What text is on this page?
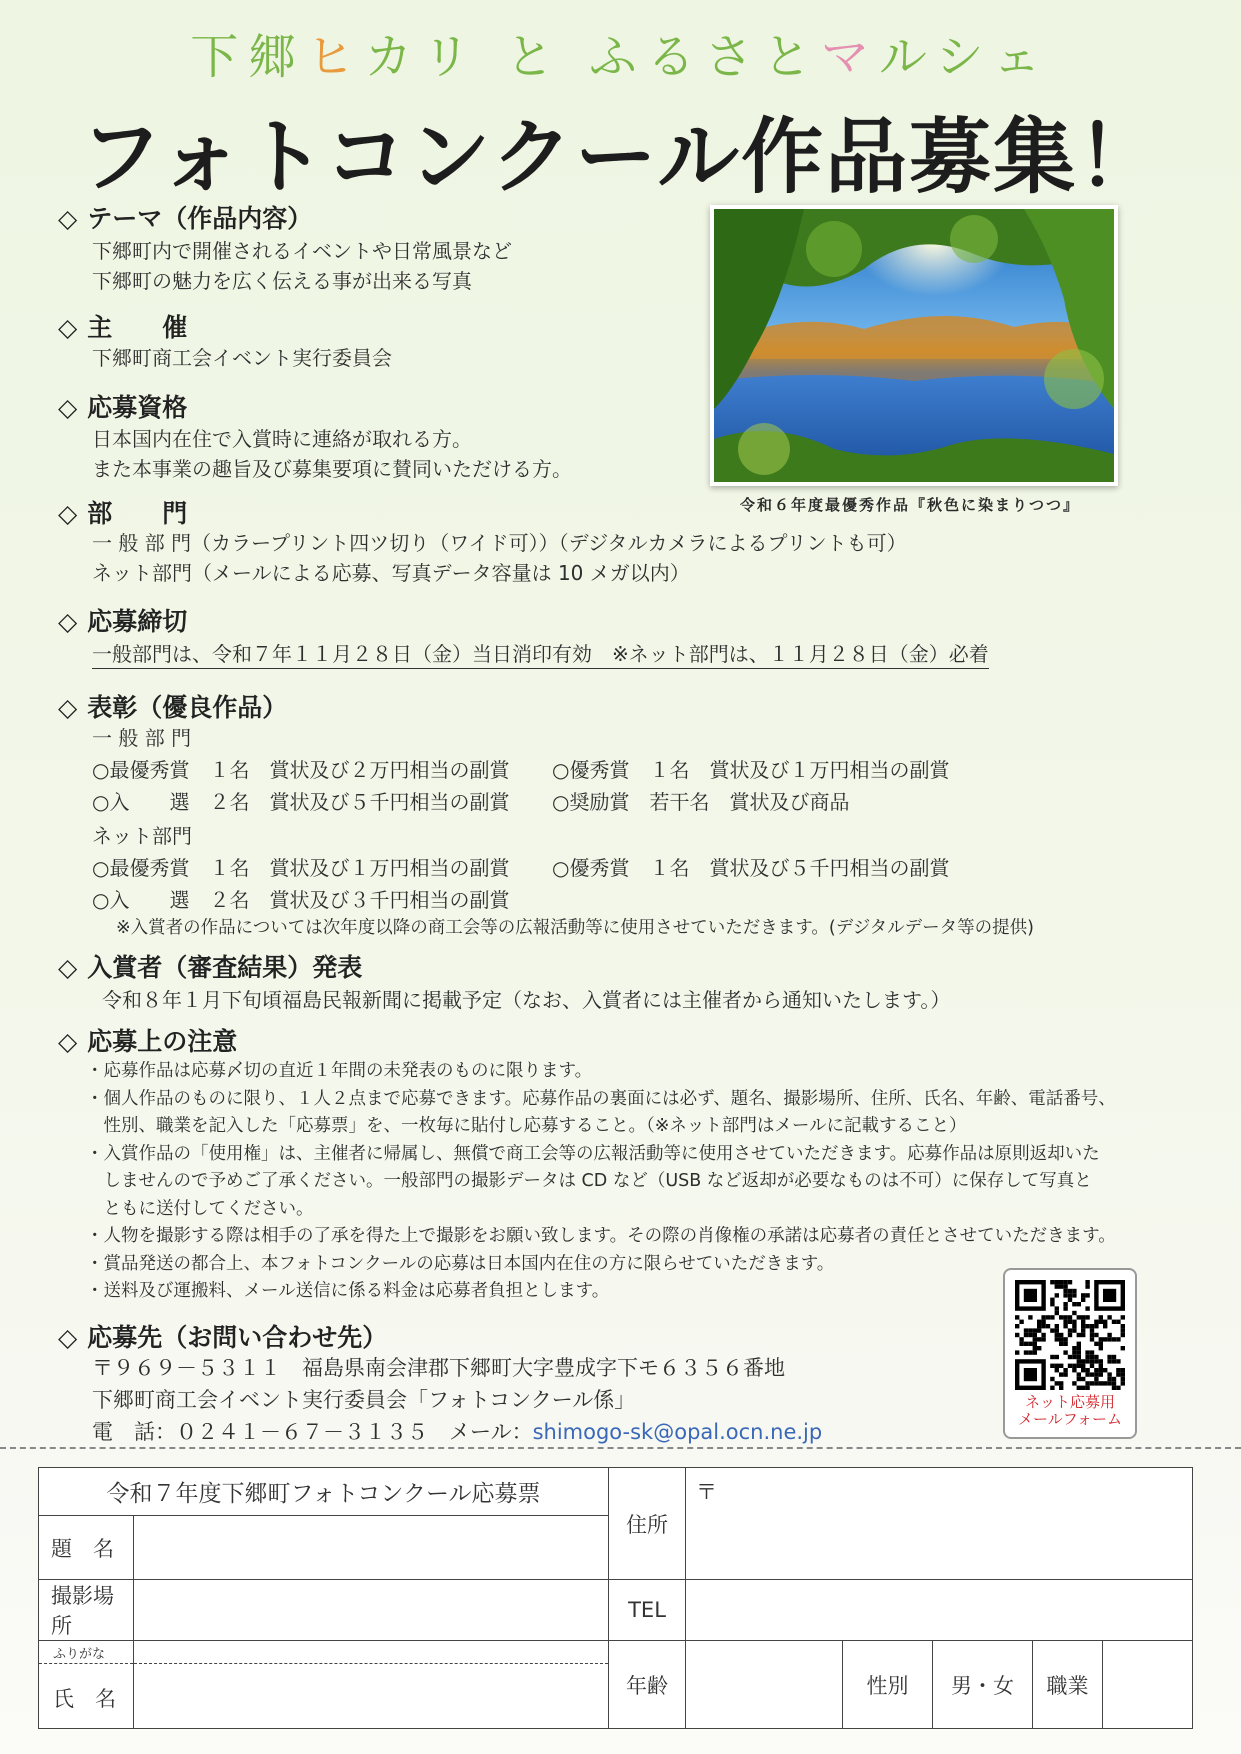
下郷ヒカリ と ふるさとマルシェ
フォトコンクール作品募集！
◇ テーマ（作品内容）
下郷町内で開催されるイベントや日常風景など
下郷町の魅力を広く伝える事が出来る写真
◇ 主　　催
下郷町商工会イベント実行委員会
◇ 応募資格
日本国内在住で入賞時に連絡が取れる方。
また本事業の趣旨及び募集要項に賛同いただける方。
令和６年度最優秀作品『秋色に染まりつつ』
◇ 部　　門
一 般 部 門（カラープリント四ツ切り（ワイド可））（デジタルカメラによるプリントも可）
ネット部門（メールによる応募、写真データ容量は 10 メガ以内）
◇ 応募締切
一般部門は、令和７年１１月２８日（金）当日消印有効　※ネット部門は、１１月２８日（金）必着
◇ 表彰（優良作品）
一 般 部 門
○最優秀賞　１名　賞状及び２万円相当の副賞 ○優秀賞　１名　賞状及び１万円相当の副賞
○入　　選　２名　賞状及び５千円相当の副賞 ○奨励賞　若干名　賞状及び商品
ネット部門
○最優秀賞　１名　賞状及び１万円相当の副賞 ○優秀賞　１名　賞状及び５千円相当の副賞
○入　　選　２名　賞状及び３千円相当の副賞
※入賞者の作品については次年度以降の商工会等の広報活動等に使用させていただきます。(デジタルデータ等の提供)
◇ 入賞者（審査結果）発表
令和８年１月下旬頃福島民報新聞に掲載予定（なお、入賞者には主催者から通知いたします。）
◇ 応募上の注意
・応募作品は応募〆切の直近１年間の未発表のものに限ります。
・個人作品のものに限り、１人２点まで応募できます。応募作品の裏面には必ず、題名、撮影場所、住所、氏名、年齢、電話番号、
　性別、職業を記入した「応募票」を、一枚毎に貼付し応募すること。（※ネット部門はメールに記載すること）
・入賞作品の「使用権」は、主催者に帰属し、無償で商工会等の広報活動等に使用させていただきます。応募作品は原則返却いた
　しませんので予めご了承ください。一般部門の撮影データは CD など（USB など返却が必要なものは不可）に保存して写真と
　ともに送付してください。
・人物を撮影する際は相手の了承を得た上で撮影をお願い致します。その際の肖像権の承諾は応募者の責任とさせていただきます。
・賞品発送の都合上、本フォトコンクールの応募は日本国内在住の方に限らせていただきます。
・送料及び運搬料、メール送信に係る料金は応募者負担とします。
◇ 応募先（お問い合わせ先）
〒９６９－５３１１　福島県南会津郡下郷町大字豊成字下モ６３５６番地
下郷町商工会イベント実行委員会「フォトコンクール係」
電　話：０２４１－６７－３１３５　メール：shimogo-sk@opal.ocn.ne.jp
ネット応募用
メールフォーム
令和７年度下郷町フォトコンクール応募票		住所	〒				
題　名							
撮影場所		TEL					

ふりがな
氏　名		年齢		性別	男・女	職業	
